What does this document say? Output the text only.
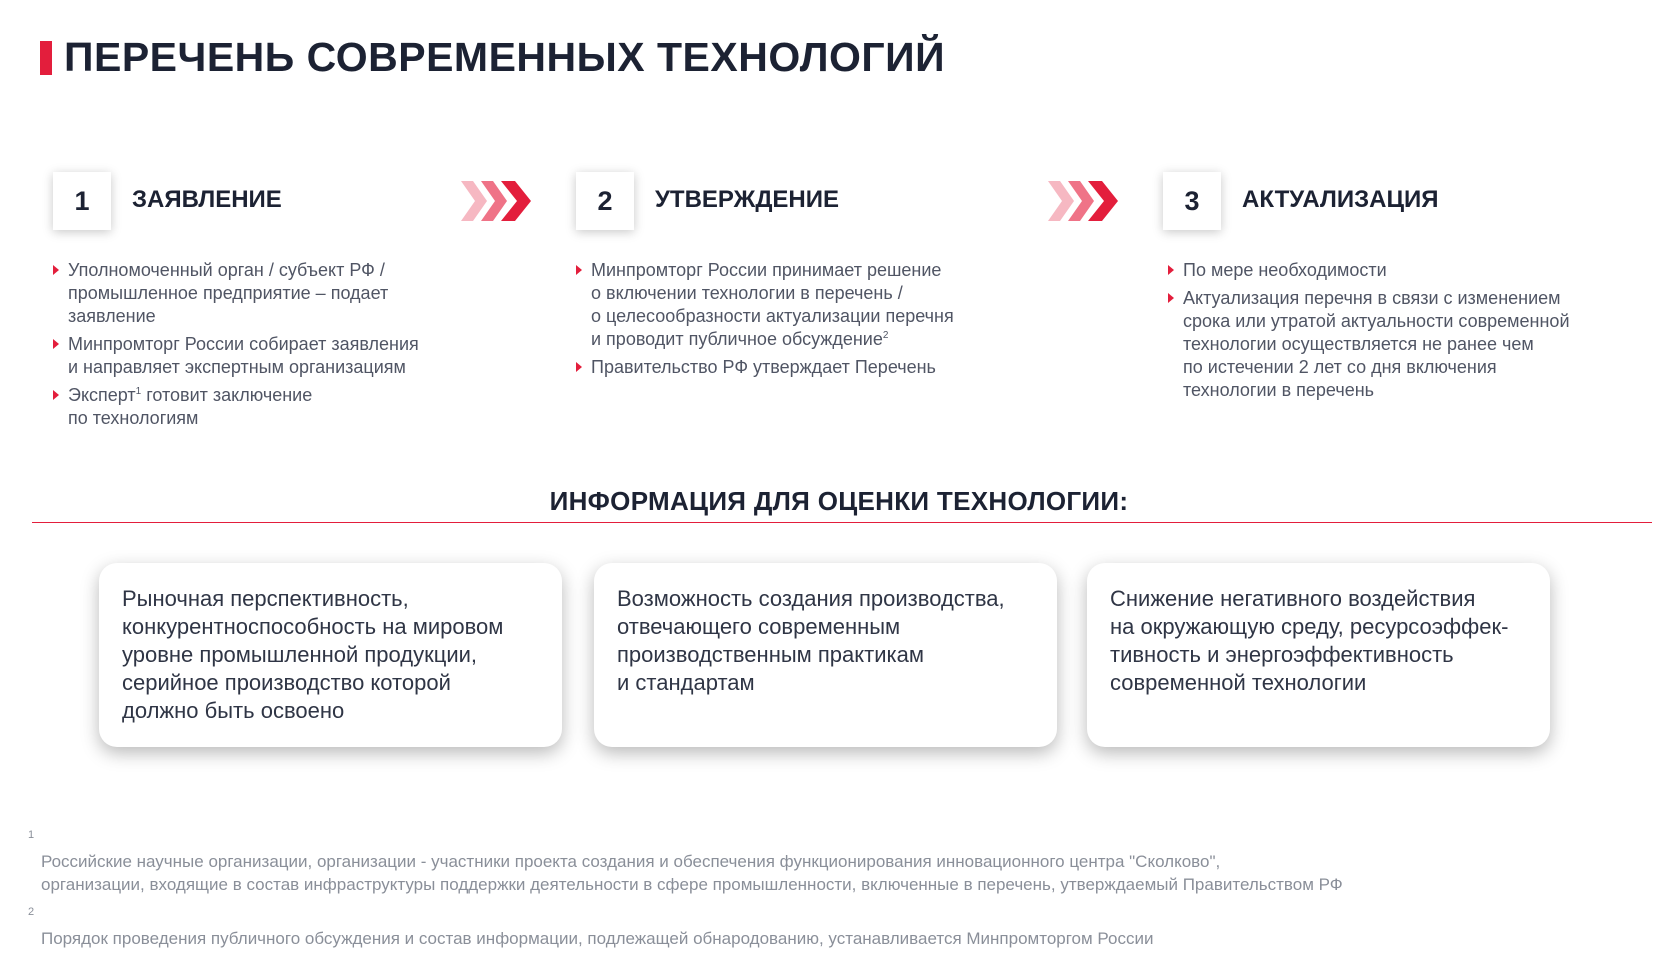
ПЕРЕЧЕНЬ СОВРЕМЕННЫХ ТЕХНОЛОГИЙ
1	ЗАЯВЛЕНИЕ
Уполномоченный орган / субъект РФ /
промышленное предприятие – подает
заявление
Минпромторг России собирает заявления
и направляет экспертным организациям
Эксперт$^1$ готовит заключение
по технологиям
2	УТВЕРЖДЕНИЕ
Минпромторг России принимает решение
о включении технологии в перечень /
о целесообразности актуализации перечня
и проводит публичное обсуждение$^2$
Правительство РФ утверждает Перечень
3	АКТУАЛИЗАЦИЯ
По мере необходимости
Актуализация перечня в связи с изменением
срока или утратой актуальности современной
технологии осуществляется не ранее чем
по истечении 2 лет со дня включения
технологии в перечень
ИНФОРМАЦИЯ ДЛЯ ОЦЕНКИ ТЕХНОЛОГИИ:
Рыночная перспективность,
конкурентноспособность на мировом
уровне промышленной продукции,
серийное производство которой
должно быть освоено
Возможность создания производства,
отвечающего современным
производственным практикам
и стандартам
Снижение негативного воздействия
на окружающую среду, ресурсоэффек-
тивность и энергоэффективность
современной технологии

1
Российские научные организации, организации - участники проекта создания и обеспечения функционирования инновационного центра "Сколково",
организации, входящие в состав инфраструктуры поддержки деятельности в сфере промышленности, включенные в перечень, утверждаемый Правительством РФ

2
Порядок проведения публичного обсуждения и состав информации, подлежащей обнародованию, устанавливается Минпромторгом России
